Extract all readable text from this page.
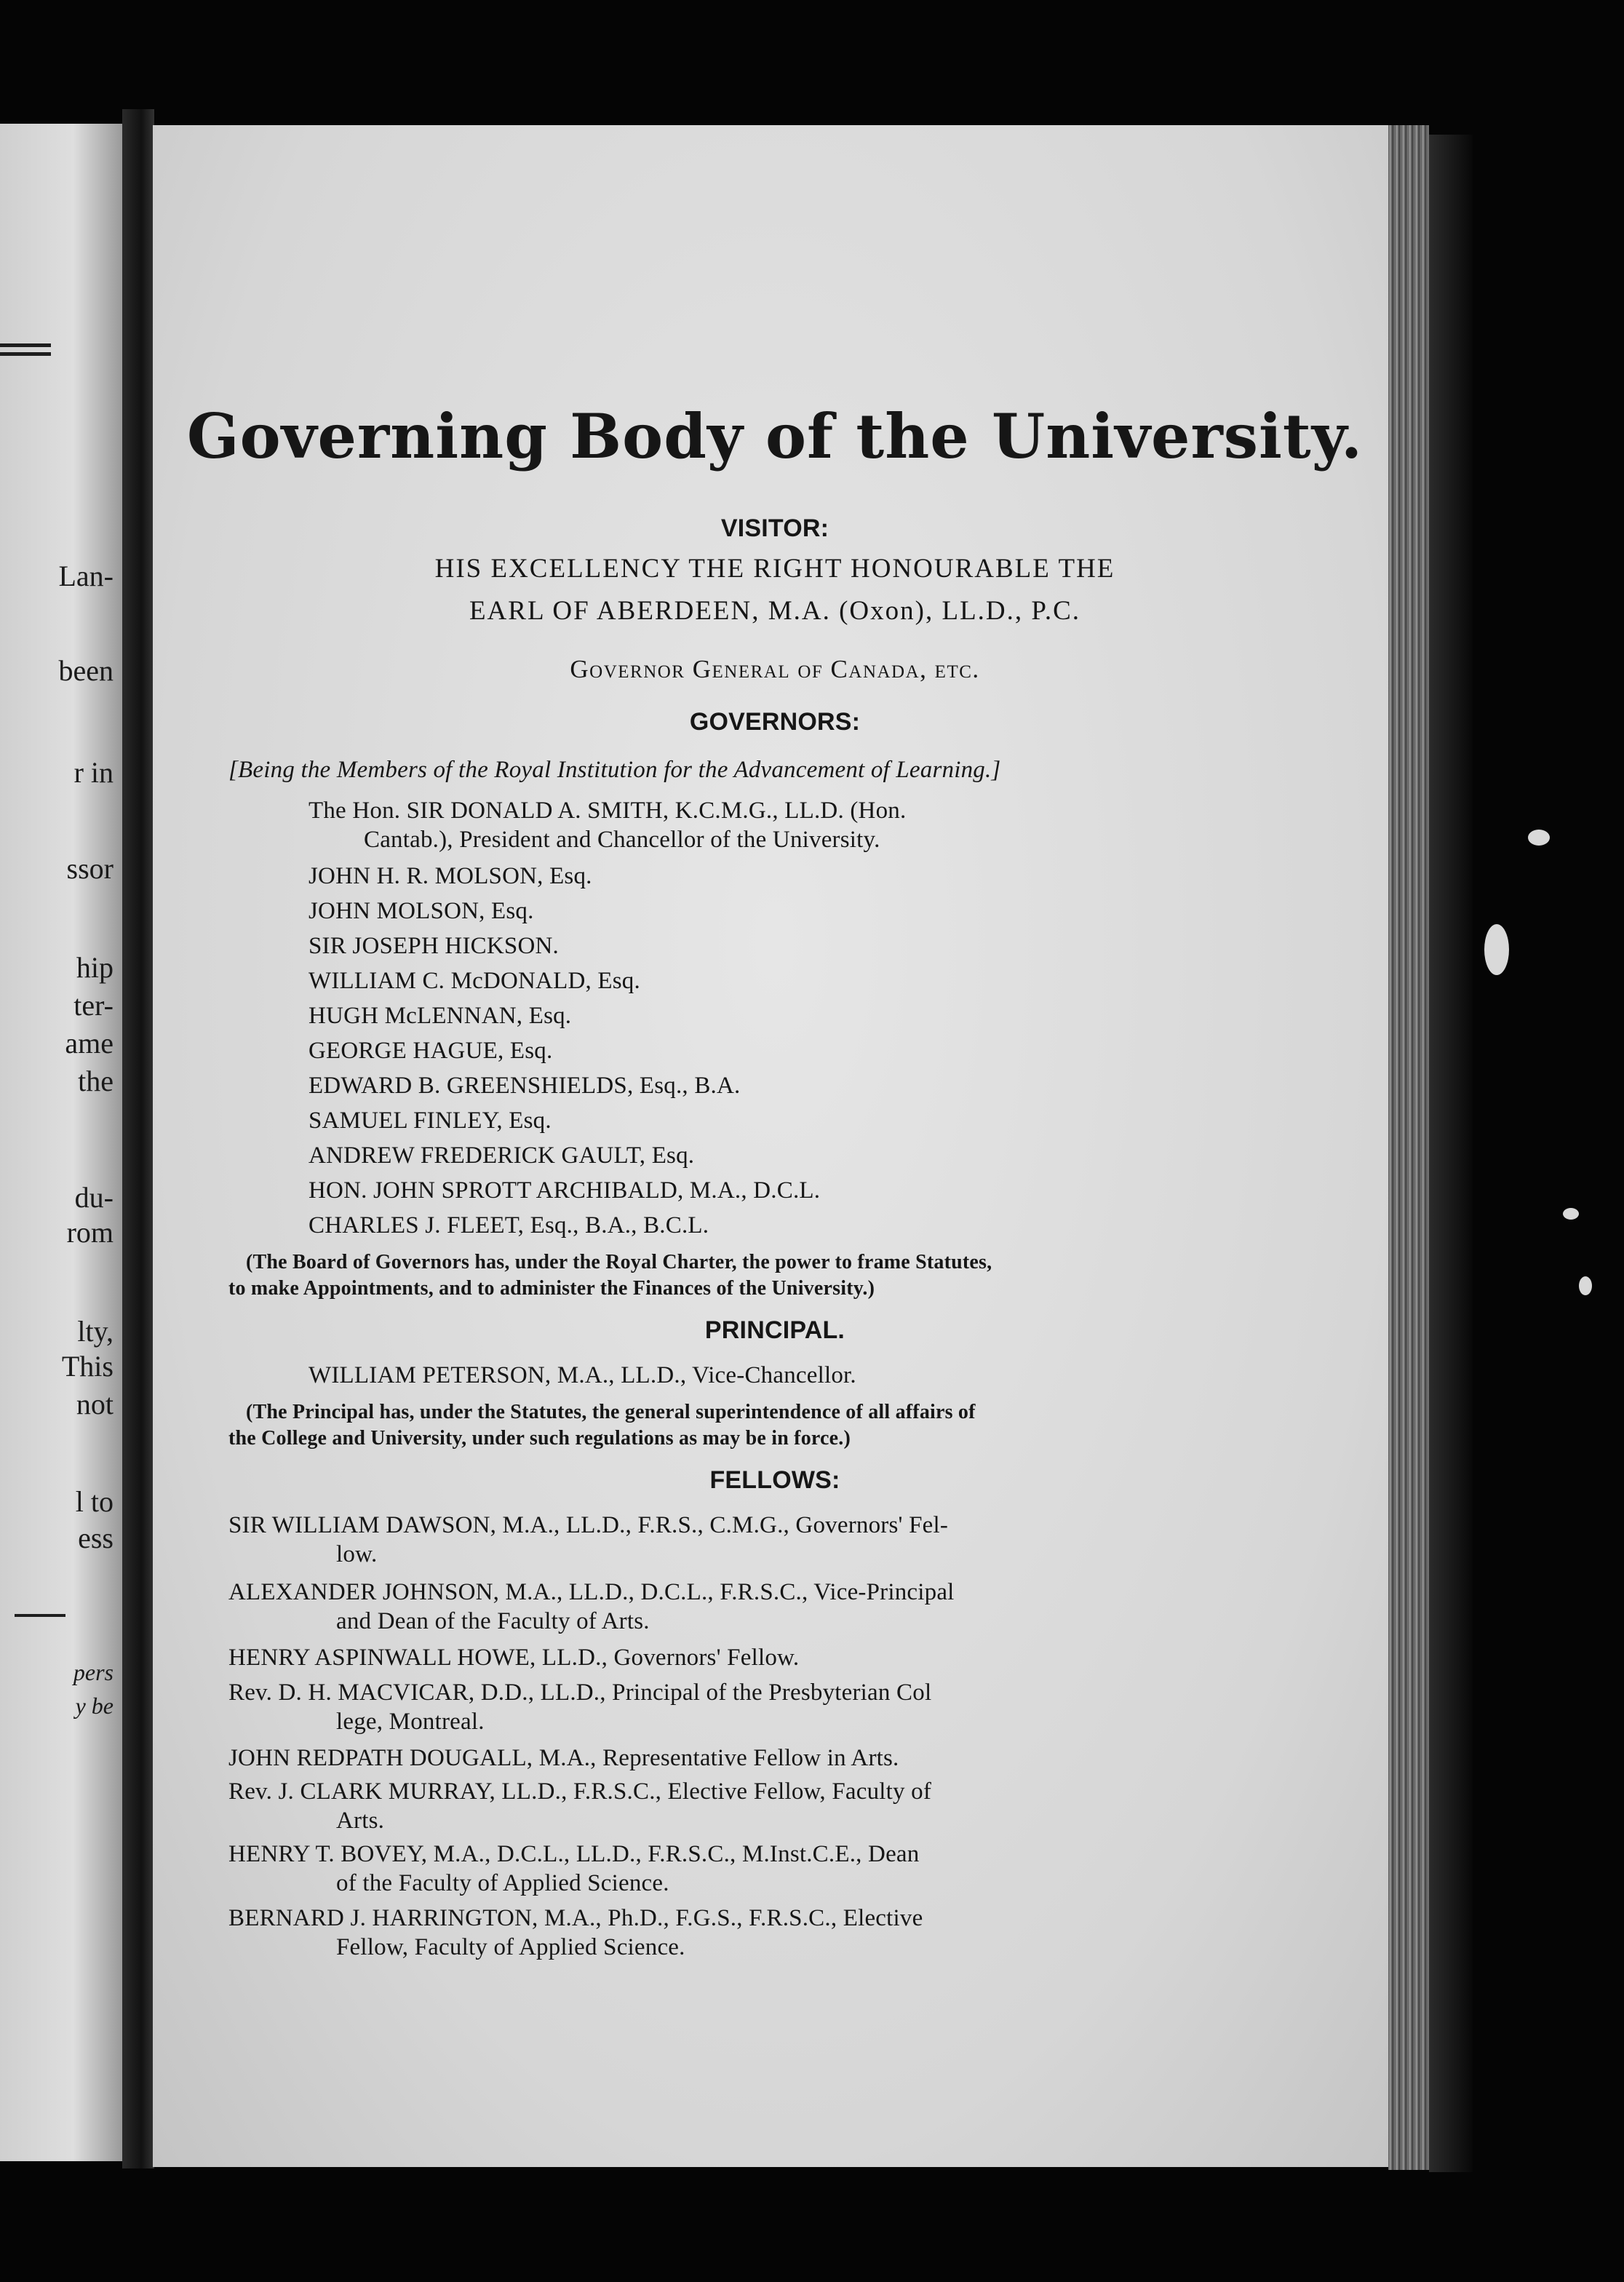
Lan-
been
r in
ssor
hip
ter-
ame
the
du-
rom
lty,
This
not
l to
ess
pers
y be
Governing Body of the University.
VISITOR:
HIS EXCELLENCY THE RIGHT HONOURABLE THE
EARL OF ABERDEEN, M.A. (Oxon), LL.D., P.C.
Governor General of Canada, etc.
GOVERNORS:
[Being the Members of the Royal Institution for the Advancement of Learning.]
The Hon. SIR DONALD A. SMITH, K.C.M.G., LL.D. (Hon.
Cantab.), President and Chancellor of the University.
JOHN H. R. MOLSON, Esq.
JOHN MOLSON, Esq.
SIR JOSEPH HICKSON.
WILLIAM C. McDONALD, Esq.
HUGH McLENNAN, Esq.
GEORGE HAGUE, Esq.
EDWARD B. GREENSHIELDS, Esq., B.A.
SAMUEL FINLEY, Esq.
ANDREW FREDERICK GAULT, Esq.
HON. JOHN SPROTT ARCHIBALD, M.A., D.C.L.
CHARLES J. FLEET, Esq., B.A., B.C.L.
(The Board of Governors has, under the Royal Charter, the power to frame Statutes,
to make Appointments, and to administer the Finances of the University.)
PRINCIPAL.
WILLIAM PETERSON, M.A., LL.D., Vice-Chancellor.
(The Principal has, under the Statutes, the general superintendence of all affairs of
the College and University, under such regulations as may be in force.)
FELLOWS:
SIR WILLIAM DAWSON, M.A., LL.D., F.R.S., C.M.G., Governors' Fel-
low.
ALEXANDER JOHNSON, M.A., LL.D., D.C.L., F.R.S.C., Vice-Principal
and Dean of the Faculty of Arts.
HENRY ASPINWALL HOWE, LL.D., Governors' Fellow.
Rev. D. H. MACVICAR, D.D., LL.D., Principal of the Presbyterian Col
lege, Montreal.
JOHN REDPATH DOUGALL, M.A., Representative Fellow in Arts.
Rev. J. CLARK MURRAY, LL.D., F.R.S.C., Elective Fellow, Faculty of
Arts.
HENRY T. BOVEY, M.A., D.C.L., LL.D., F.R.S.C., M.Inst.C.E., Dean
of the Faculty of Applied Science.
BERNARD J. HARRINGTON, M.A., Ph.D., F.G.S., F.R.S.C., Elective
Fellow, Faculty of Applied Science.
